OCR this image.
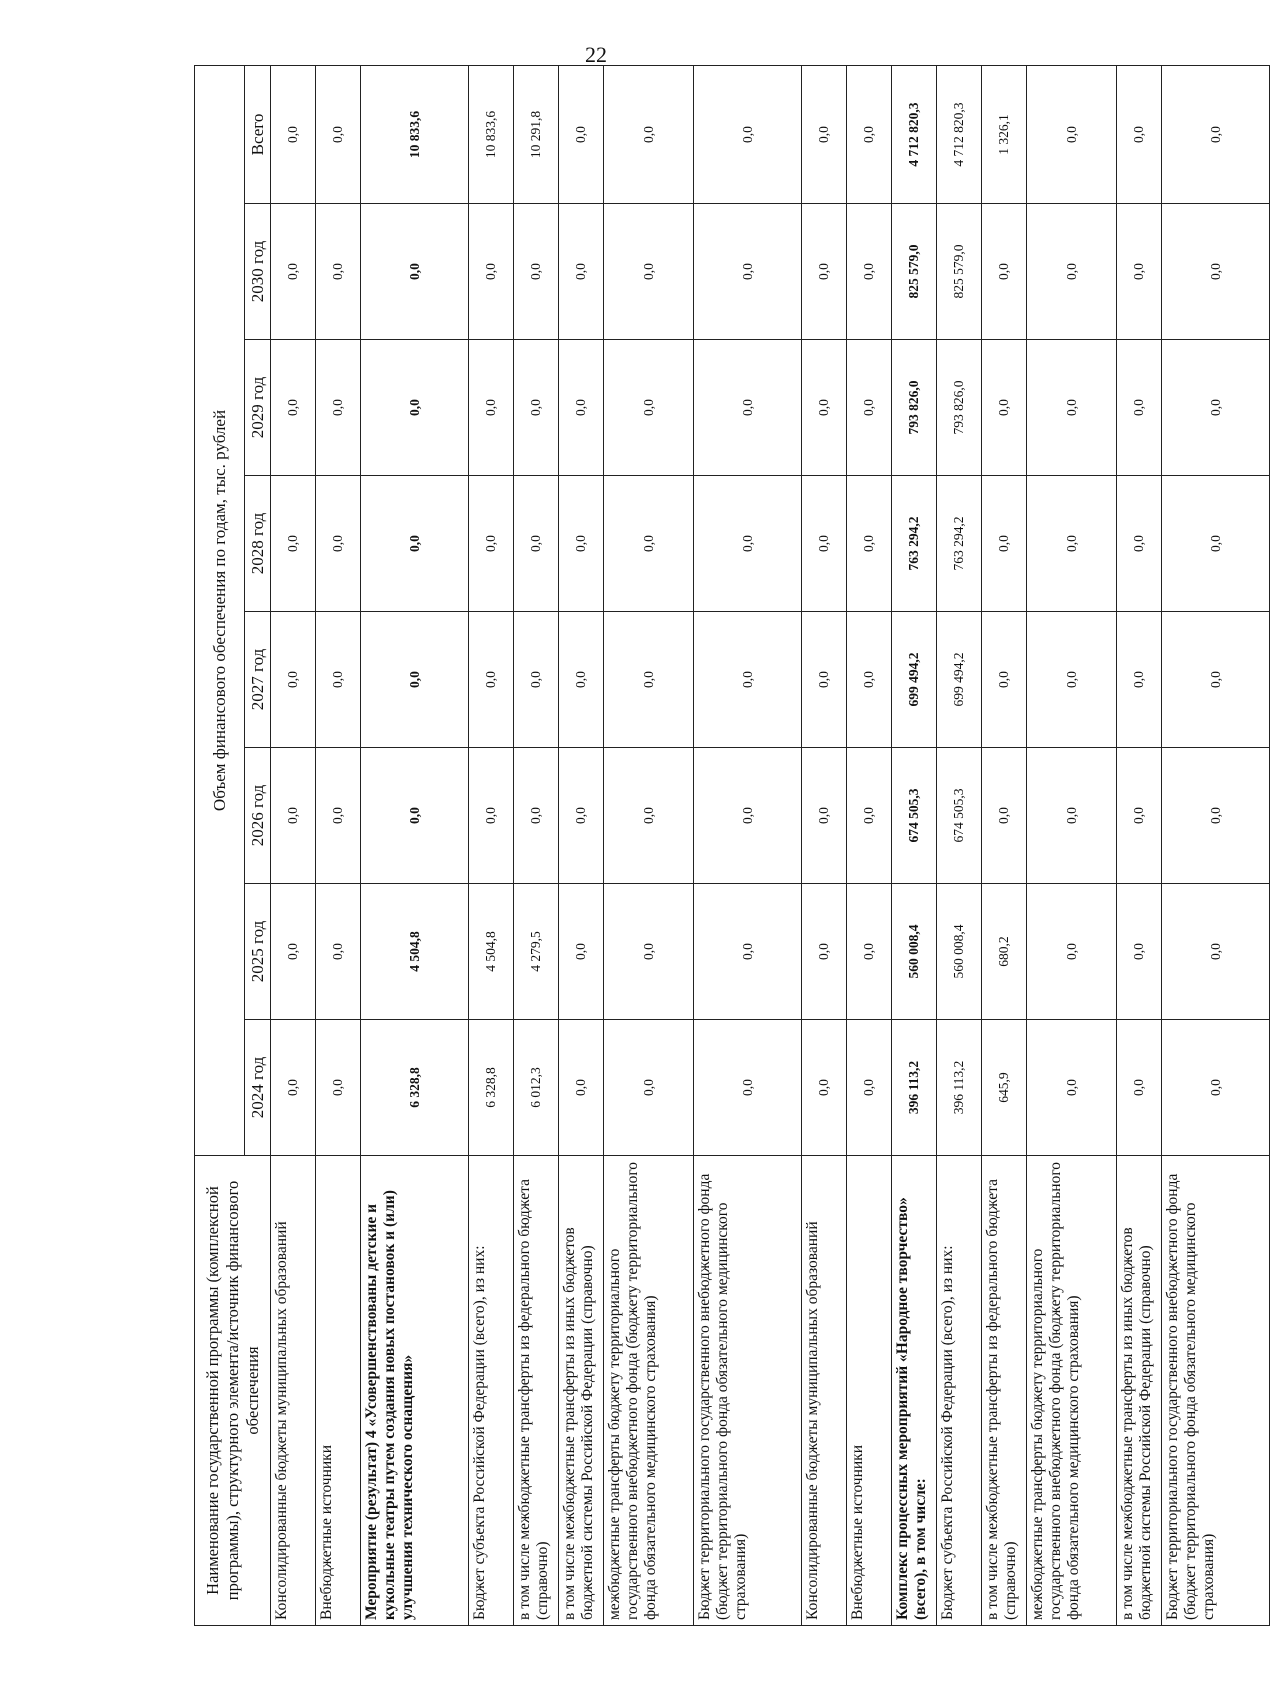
22
Наименование государственной программы (комплексной программы), структурного элемента/источник финансового обеспечения	Объем финансового обеспечения по годам, тыс. рублей							
	2024 год	2025 год	2026 год	2027 год	2028 год	2029 год	2030 год	Всего
Консолидированные бюджеты муниципальных образований	0,0	0,0	0,0	0,0	0,0	0,0	0,0	0,0
Внебюджетные источники	0,0	0,0	0,0	0,0	0,0	0,0	0,0	0,0
Мероприятие (результат) 4 «Усовершенствованы детские и кукольные театры путем создания новых постановок и (или) улучшения технического оснащения»	6 328,8	4 504,8	0,0	0,0	0,0	0,0	0,0	10 833,6
Бюджет субъекта Российской Федерации (всего), из них:	6 328,8	4 504,8	0,0	0,0	0,0	0,0	0,0	10 833,6
в том числе межбюджетные трансферты из федерального бюджета (справочно)	6 012,3	4 279,5	0,0	0,0	0,0	0,0	0,0	10 291,8
в том числе межбюджетные трансферты из иных бюджетов бюджетной системы Российской Федерации (справочно)	0,0	0,0	0,0	0,0	0,0	0,0	0,0	0,0
межбюджетные трансферты бюджету территориального государственного внебюджетного фонда (бюджету территориального фонда обязательного медицинского страхования)	0,0	0,0	0,0	0,0	0,0	0,0	0,0	0,0
Бюджет территориального государственного внебюджетного фонда (бюджет территориального фонда обязательного медицинского страхования)	0,0	0,0	0,0	0,0	0,0	0,0	0,0	0,0
Консолидированные бюджеты муниципальных образований	0,0	0,0	0,0	0,0	0,0	0,0	0,0	0,0
Внебюджетные источники	0,0	0,0	0,0	0,0	0,0	0,0	0,0	0,0
Комплекс процессных мероприятий «Народное творчество» (всего), в том числе:	396 113,2	560 008,4	674 505,3	699 494,2	763 294,2	793 826,0	825 579,0	4 712 820,3
Бюджет субъекта Российской Федерации (всего), из них:	396 113,2	560 008,4	674 505,3	699 494,2	763 294,2	793 826,0	825 579,0	4 712 820,3
в том числе межбюджетные трансферты из федерального бюджета (справочно)	645,9	680,2	0,0	0,0	0,0	0,0	0,0	1 326,1
межбюджетные трансферты бюджету территориального государственного внебюджетного фонда (бюджету территориального фонда обязательного медицинского страхования)	0,0	0,0	0,0	0,0	0,0	0,0	0,0	0,0
в том числе межбюджетные трансферты из иных бюджетов бюджетной системы Российской Федерации (справочно)	0,0	0,0	0,0	0,0	0,0	0,0	0,0	0,0
Бюджет территориального государственного внебюджетного фонда (бюджет территориального фонда обязательного медицинского страхования)	0,0	0,0	0,0	0,0	0,0	0,0	0,0	0,0
